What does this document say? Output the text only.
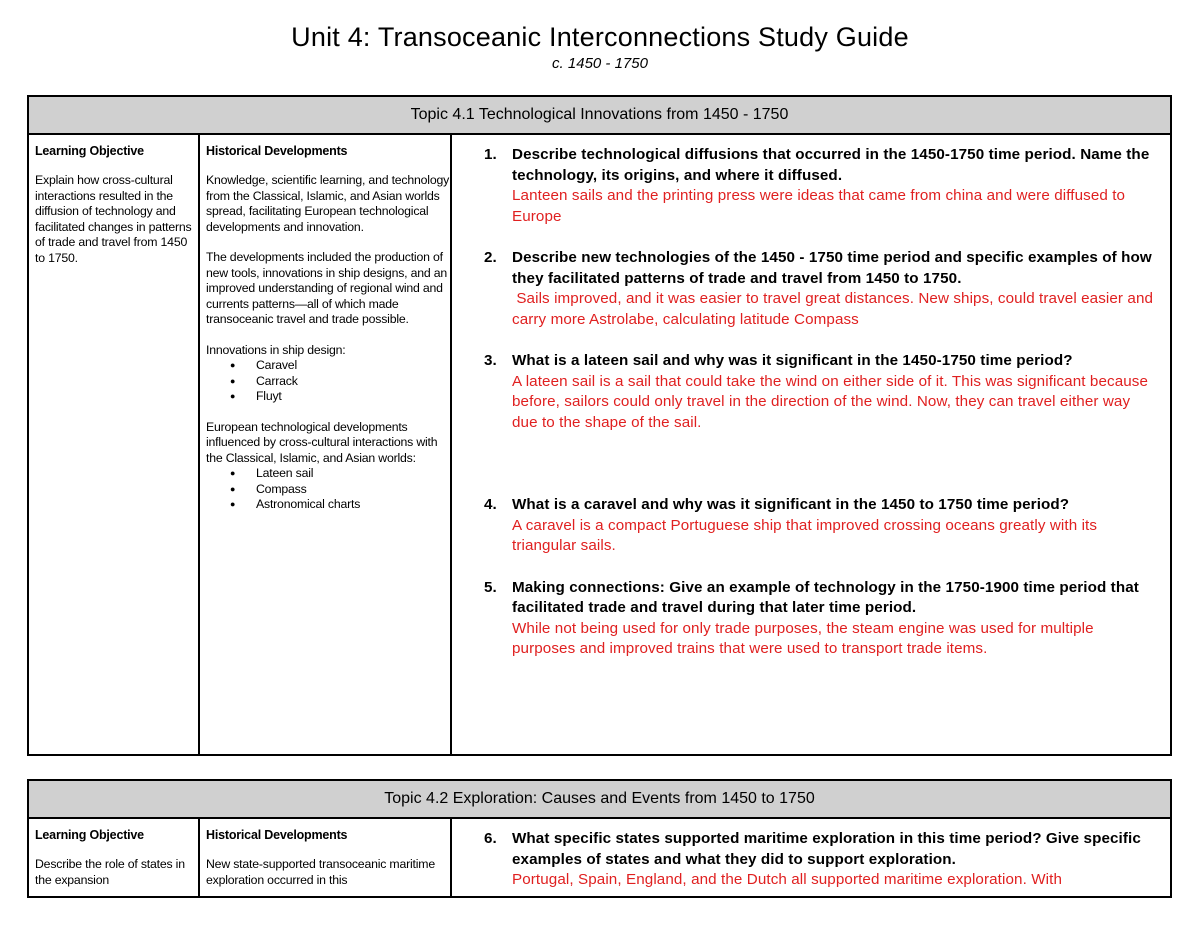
Unit 4: Transoceanic Interconnections Study Guide
c. 1450 - 1750
Topic 4.1 Technological Innovations from 1450 - 1750
Learning Objective
Explain how cross-cultural interactions resulted in the diffusion of technology and facilitated changes in patterns of trade and travel from 1450 to 1750.
Historical Developments

Knowledge, scientific learning, and technology from the Classical, Islamic, and Asian worlds spread, facilitating European technological developments and innovation.

The developments included the production of new tools, innovations in ship designs, and an improved understanding of regional wind and currents patterns—all of which made transoceanic travel and trade possible.

Innovations in ship design:

● Caravel
● Carrack
● Fluyt

European technological developments influenced by cross-cultural interactions with the Classical, Islamic, and Asian worlds:

● Lateen sail
● Compass
● Astronomical charts
1.	Describe technological diffusions that occurred in the 1450-1750 time period. Name the technology, its origins, and where it diffused.
Lanteen sails and the printing press were ideas that came from china and were diffused to Europe
2.	Describe new technologies of the 1450 - 1750 time period and specific examples of how they facilitated patterns of trade and travel from 1450 to 1750.
Sails improved, and it was easier to travel great distances. New ships, could travel easier and carry more Astrolabe, calculating latitude Compass
3.	What is a lateen sail and why was it significant in the 1450-1750 time period?
A lateen sail is a sail that could take the wind on either side of it. This was significant because before, sailors could only travel in the direction of the wind. Now, they can travel either way due to the shape of the sail.
4.	What is a caravel and why was it significant in the 1450 to 1750 time period?
A caravel is a compact Portuguese ship that improved crossing oceans greatly with its triangular sails.
5.	Making connections: Give an example of technology in the 1750-1900 time period that facilitated trade and travel during that later time period.
While not being used for only trade purposes, the steam engine was used for multiple purposes and improved trains that were used to transport trade items.
Topic 4.2 Exploration: Causes and Events from 1450 to 1750
Learning Objective
Describe the role of states in the expansion
Historical Developments
New state-supported transoceanic maritime exploration occurred in this
6.	What specific states supported maritime exploration in this time period? Give specific examples of states and what they did to support exploration.
Portugal, Spain, England, and the Dutch all supported maritime exploration. With
